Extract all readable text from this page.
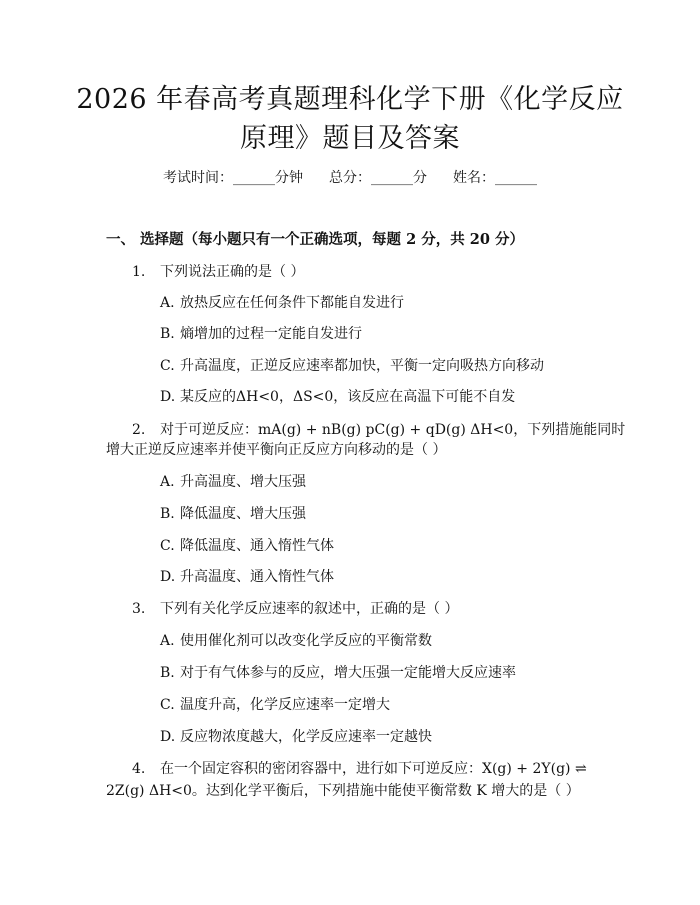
2026 年春高考真题理科化学下册《化学反应
原理》题目及答案
考试时间：______分钟 总分：______分 姓名：______
一、 选择题（每小题只有一个正确选项，每题 2 分，共 20 分）
1. 下列说法正确的是（ ）
A. 放热反应在任何条件下都能自发进行
B. 熵增加的过程一定能自发进行
C. 升高温度，正逆反应速率都加快，平衡一定向吸热方向移动
D. 某反应的ΔH<0，ΔS<0，该反应在高温下可能不自发
2. 对于可逆反应：mA(g) + nB(g) pC(g) + qD(g) ΔH<0，下列措施能同时
增大正逆反应速率并使平衡向正反应方向移动的是（ ）
A. 升高温度、增大压强
B. 降低温度、增大压强
C. 降低温度、通入惰性气体
D. 升高温度、通入惰性气体
3. 下列有关化学反应速率的叙述中，正确的是（ ）
A. 使用催化剂可以改变化学反应的平衡常数
B. 对于有气体参与的反应，增大压强一定能增大反应速率
C. 温度升高，化学反应速率一定增大
D. 反应物浓度越大，化学反应速率一定越快
4. 在一个固定容积的密闭容器中，进行如下可逆反应：X(g) + 2Y(g) ⇌
2Z(g) ΔH<0。达到化学平衡后，下列措施中能使平衡常数 K 增大的是（ ）
